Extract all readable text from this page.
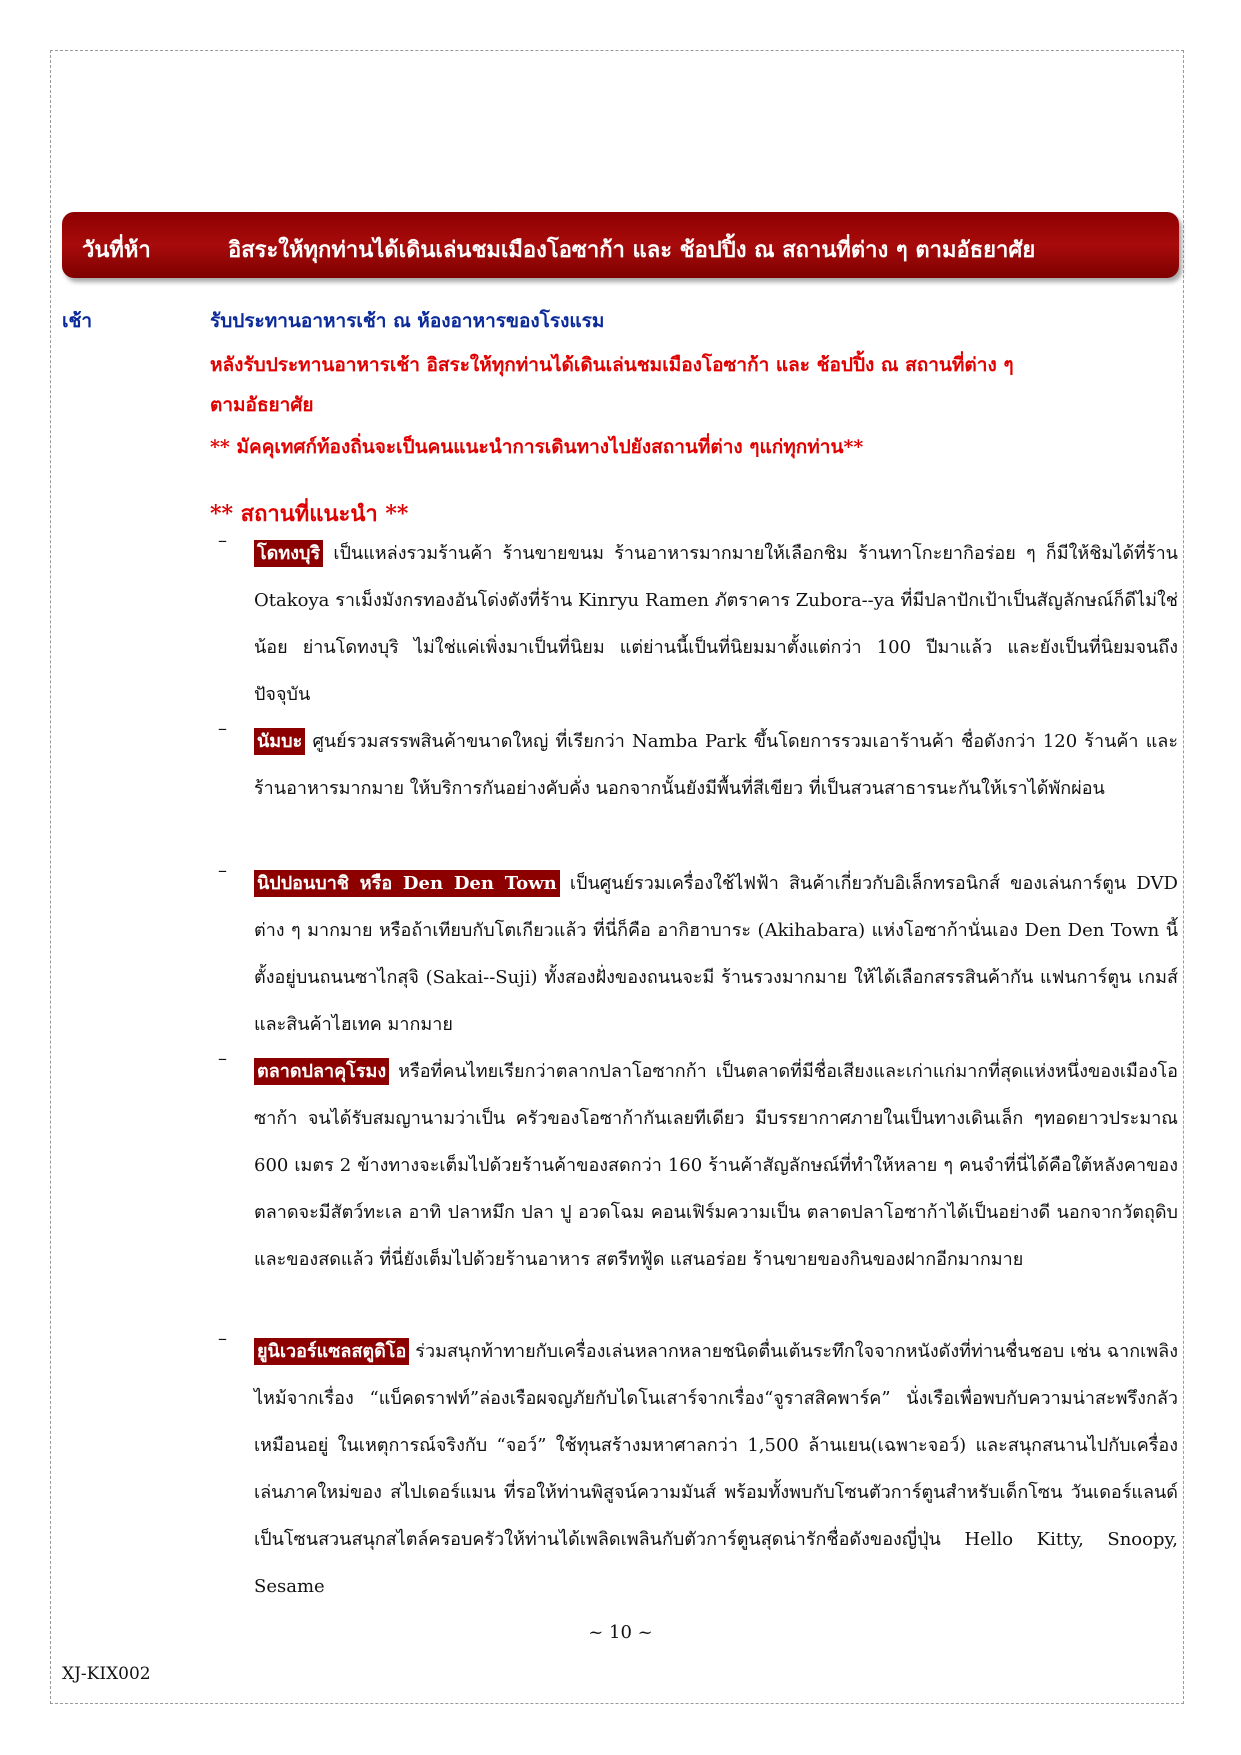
วันที่ห้า	อิสระให้ทุกท่านได้เดินเล่นชมเมืองโอซาก้า และ ช้อปปิ้ง ณ สถานที่ต่าง ๆ ตามอัธยาศัย
เช้า	รับประทานอาหารเช้า ณ ห้องอาหารของโรงแรม
หลังรับประทานอาหารเช้า อิสระให้ทุกท่านได้เดินเล่นชมเมืองโอซาก้า และ ช้อปปิ้ง ณ สถานที่ต่าง ๆ
ตามอัธยาศัย
** มัคคุเทศก์ท้องถิ่นจะเป็นคนแนะนำการเดินทางไปยังสถานที่ต่าง ๆแก่ทุกท่าน**
** สถานที่แนะนำ **
–
โดทงบุริ เป็นแหล่งรวมร้านค้า ร้านขายขนม ร้านอาหารมากมายให้เลือกชิม ร้านทาโกะยากิอร่อย ๆ ก็มีให้ชิมได้ที่ร้าน Otakoya ราเม็งมังกรทองอันโด่งดังที่ร้าน Kinryu Ramen ภัตราคาร Zubora--ya ที่มีปลาปักเป้าเป็นสัญลักษณ์ก็ดีไม่ใช่น้อย ย่านโดทงบุริ ไม่ใช่แค่เพิ่งมาเป็นที่นิยม แต่ย่านนี้เป็นที่นิยมมาตั้งแต่กว่า 100 ปีมาแล้ว และยังเป็นที่นิยมจนถึงปัจจุบัน
–
นัมบะ ศูนย์รวมสรรพสินค้าขนาดใหญ่ ที่เรียกว่า Namba Park ขึ้นโดยการรวมเอาร้านค้า ชื่อดังกว่า 120 ร้านค้า และร้านอาหารมากมาย ให้บริการกันอย่างคับคั่ง นอกจากนั้นยังมีพื้นที่สีเขียว ที่เป็นสวนสาธารนะกันให้เราได้พักผ่อน
–
นิปปอนบาชิ หรือ Den Den Town เป็นศูนย์รวมเครื่องใช้ไฟฟ้า สินค้าเกี่ยวกับอิเล็กทรอนิกส์ ของเล่นการ์ตูน DVD ต่าง ๆ มากมาย หรือถ้าเทียบกับโตเกียวแล้ว ที่นี่ก็คือ อากิฮาบาระ (Akihabara) แห่งโอซาก้านั่นเอง Den Den Town นี้ตั้งอยู่บนถนนซาไกสุจิ (Sakai--Suji) ทั้งสองฝั่งของถนนจะมี ร้านรวงมากมาย ให้ได้เลือกสรรสินค้ากัน แฟนการ์ตูน เกมส์ และสินค้าไฮเทค มากมาย
–
ตลาดปลาคุโรมง หรือที่คนไทยเรียกว่าตลากปลาโอซากก้า เป็นตลาดที่มีชื่อเสียงและเก่าแก่มากที่สุดแห่งหนึ่งของเมืองโอซาก้า จนได้รับสมญานามว่าเป็น ครัวของโอซาก้ากันเลยทีเดียว มีบรรยากาศภายในเป็นทางเดินเล็ก ๆทอดยาวประมาณ 600 เมตร 2 ข้างทางจะเต็มไปด้วยร้านค้าของสดกว่า 160 ร้านค้าสัญลักษณ์ที่ทำให้หลาย ๆ คนจำที่นี่ได้คือใต้หลังคาของตลาดจะมีสัตว์ทะเล อาทิ ปลาหมึก ปลา ปู อวดโฉม คอนเฟิร์มความเป็น ตลาดปลาโอซาก้าได้เป็นอย่างดี นอกจากวัตถุดิบและของสดแล้ว ที่นี่ยังเต็มไปด้วยร้านอาหาร สตรีทฟู้ด แสนอร่อย ร้านขายของกินของฝากอีกมากมาย
–
ยูนิเวอร์แซลสตูดิโอ ร่วมสนุกท้าทายกับเครื่องเล่นหลากหลายชนิดตื่นเต้นระทึกใจจากหนังดังที่ท่านชื่นชอบ เช่น ฉากเพลิงไหม้จากเรื่อง “แบ็คดราฟท์”ล่องเรือผจญภัยกับไดโนเสาร์จากเรื่อง“จูราสสิคพาร์ค” นั่งเรือเพื่อพบกับความน่าสะพรึงกลัวเหมือนอยู่ ในเหตุการณ์จริงกับ “จอว์” ใช้ทุนสร้างมหาศาลกว่า 1,500 ล้านเยน(เฉพาะจอว์) และสนุกสนานไปกับเครื่องเล่นภาคใหม่ของ สไปเดอร์แมน ที่รอให้ท่านพิสูจน์ความมันส์ พร้อมทั้งพบกับโซนตัวการ์ตูนสำหรับเด็กโซน วันเดอร์แลนด์ เป็นโซนสวนสนุกสไตล์ครอบครัวให้ท่านได้เพลิดเพลินกับตัวการ์ตูนสุดน่ารักชื่อดังของญี่ปุ่น Hello Kitty, Snoopy, Sesame
~ 10 ~
XJ-KIX002
